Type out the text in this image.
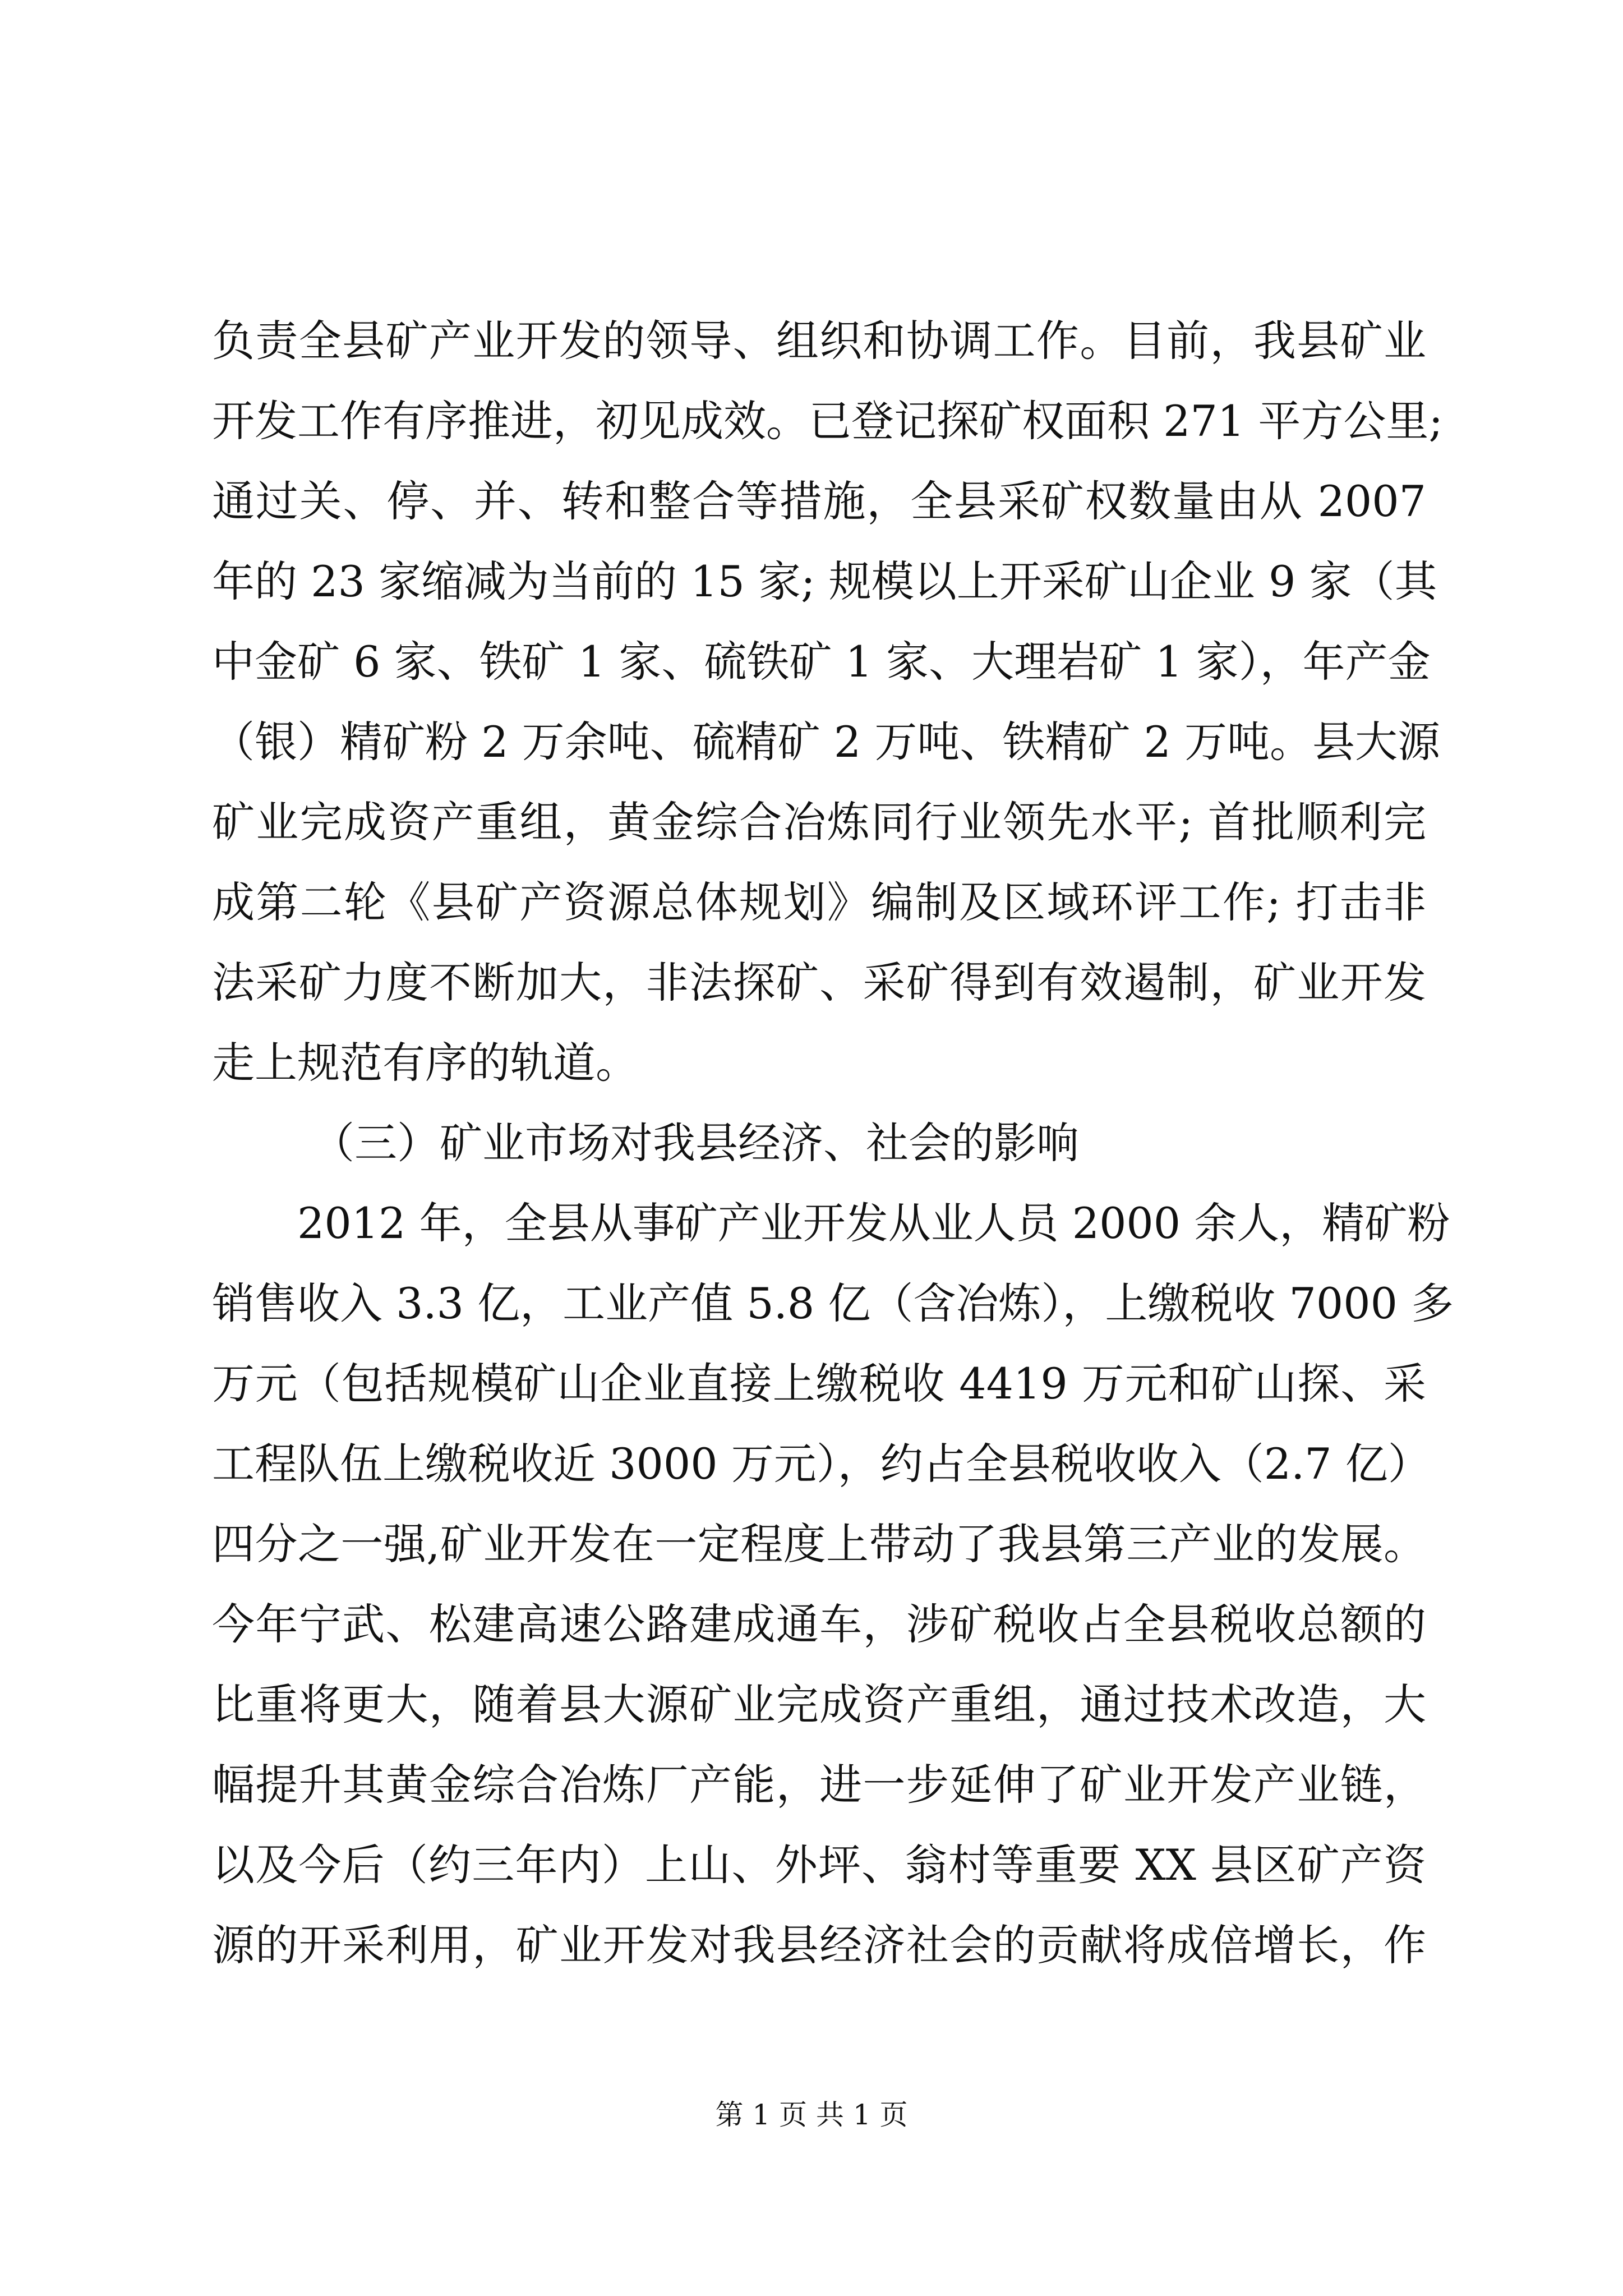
负责全县矿产业开发的领导、组织和协调工作。目前，我县矿业
开发工作有序推进，初见成效。已登记探矿权面积 271 平方公里;
通过关、停、并、转和整合等措施，全县采矿权数量由从 2007
年的 23 家缩减为当前的 15 家; 规模以上开采矿山企业 9 家（其
中金矿 6 家、铁矿 1 家、硫铁矿 1 家、大理岩矿 1 家），年产金
（银）精矿粉 2 万余吨、硫精矿 2 万吨、铁精矿 2 万吨。县大源
矿业完成资产重组，黄金综合冶炼同行业领先水平; 首批顺利完
成第二轮《县矿产资源总体规划》编制及区域环评工作; 打击非
法采矿力度不断加大，非法探矿、采矿得到有效遏制，矿业开发
走上规范有序的轨道。
（三）矿业市场对我县经济、社会的影响
2012 年，全县从事矿产业开发从业人员 2000 余人，精矿粉
销售收入 3.3 亿，工业产值 5.8 亿（含冶炼），上缴税收 7000 多
万元（包括规模矿山企业直接上缴税收 4419 万元和矿山探、采
工程队伍上缴税收近 3000 万元），约占全县税收收入（2.7 亿）
四分之一强,矿业开发在一定程度上带动了我县第三产业的发展。
今年宁武、松建高速公路建成通车，涉矿税收占全县税收总额的
比重将更大，随着县大源矿业完成资产重组，通过技术改造，大
幅提升其黄金综合冶炼厂产能，进一步延伸了矿业开发产业链，
以及今后（约三年内）上山、外坪、翁村等重要 XX 县区矿产资
源的开采利用，矿业开发对我县经济社会的贡献将成倍增长，作
第 1 页 共 1 页
